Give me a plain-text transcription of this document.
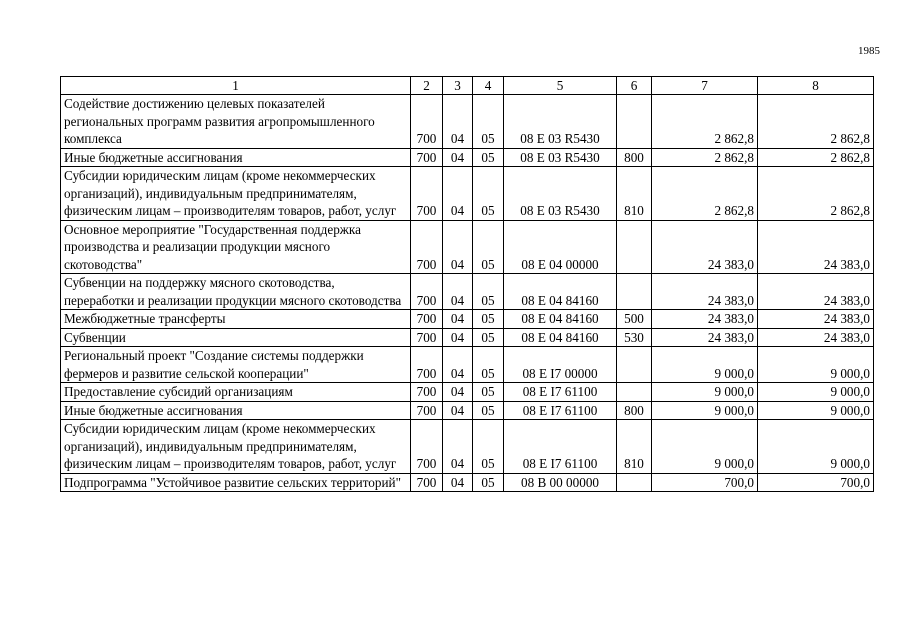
1985
1	2	3	4	5	6	7	8
Содействие достижению целевых показателей региональных программ развития агропромышленного комплекса	700	04	05	08 Е 03 R5430		2 862,8	2 862,8
Иные бюджетные ассигнования	700	04	05	08 Е 03 R5430	800	2 862,8	2 862,8
Субсидии юридическим лицам (кроме некоммерческих организаций), индивидуальным предпринимателям, физическим лицам – производителям товаров, работ, услуг	700	04	05	08 Е 03 R5430	810	2 862,8	2 862,8
Основное мероприятие "Государственная поддержка производства и реализации продукции мясного скотоводства"	700	04	05	08 Е 04 00000		24 383,0	24 383,0
Субвенции на поддержку мясного скотоводства, переработки и реализации продукции мясного скотоводства	700	04	05	08 Е 04 84160		24 383,0	24 383,0
Межбюджетные трансферты	700	04	05	08 Е 04 84160	500	24 383,0	24 383,0
Субвенции	700	04	05	08 Е 04 84160	530	24 383,0	24 383,0
Региональный проект "Создание системы поддержки фермеров и развитие сельской кооперации"	700	04	05	08 Е I7 00000		9 000,0	9 000,0
Предоставление субсидий организациям	700	04	05	08 Е I7 61100		9 000,0	9 000,0
Иные бюджетные ассигнования	700	04	05	08 Е I7 61100	800	9 000,0	9 000,0
Субсидии юридическим лицам (кроме некоммерческих организаций), индивидуальным предпринимателям, физическим лицам – производителям товаров, работ, услуг	700	04	05	08 Е I7 61100	810	9 000,0	9 000,0
Подпрограмма "Устойчивое развитие сельских территорий"	700	04	05	08 В 00 00000		700,0	700,0
